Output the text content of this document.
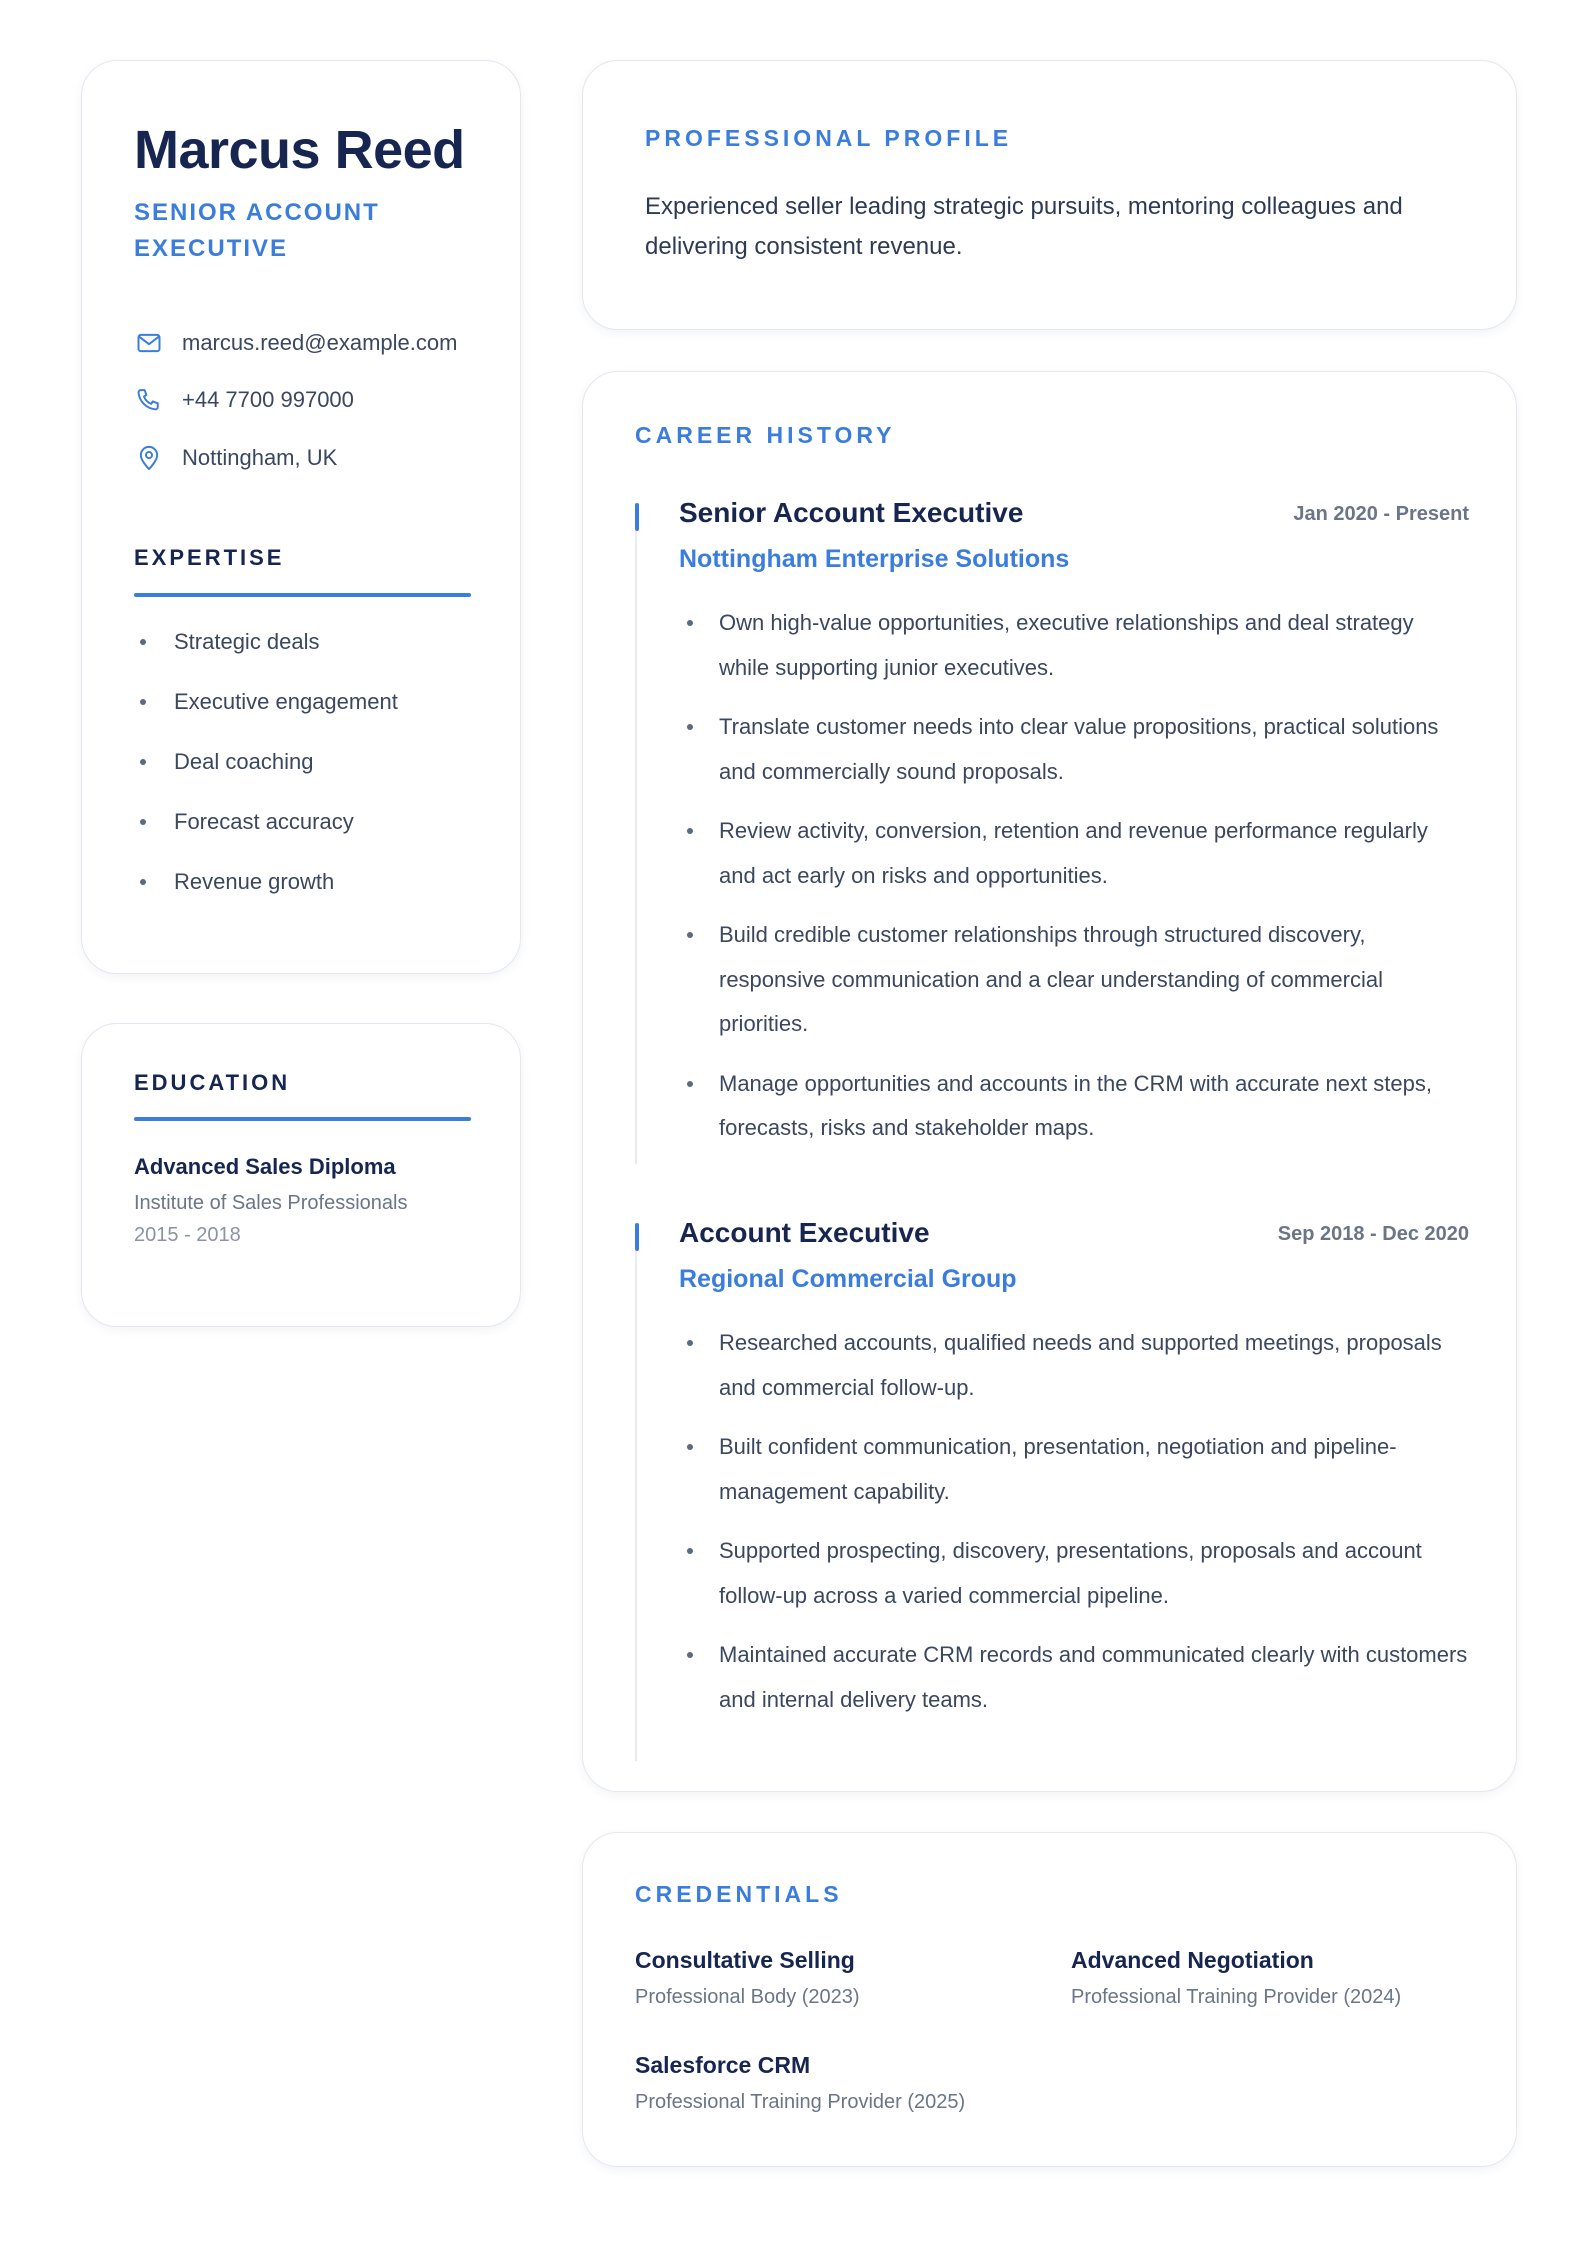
Marcus Reed
SENIOR ACCOUNT EXECUTIVE
marcus.reed@example.com
+44 7700 997000
Nottingham, UK
EXPERTISE
Strategic deals
Executive engagement
Deal coaching
Forecast accuracy
Revenue growth
EDUCATION
Advanced Sales Diploma
Institute of Sales Professionals
2015 - 2018
PROFESSIONAL PROFILE
Experienced seller leading strategic pursuits, mentoring colleagues and delivering consistent revenue.
CAREER HISTORY
Senior Account Executive	Jan 2020 - Present
Nottingham Enterprise Solutions
Own high-value opportunities, executive relationships and deal strategy while supporting junior executives.
Translate customer needs into clear value propositions, practical solutions and commercially sound proposals.
Review activity, conversion, retention and revenue performance regularly and act early on risks and opportunities.
Build credible customer relationships through structured discovery, responsive communication and a clear understanding of commercial priorities.
Manage opportunities and accounts in the CRM with accurate next steps, forecasts, risks and stakeholder maps.
Account Executive	Sep 2018 - Dec 2020
Regional Commercial Group
Researched accounts, qualified needs and supported meetings, proposals and commercial follow-up.
Built confident communication, presentation, negotiation and pipeline-management capability.
Supported prospecting, discovery, presentations, proposals and account follow-up across a varied commercial pipeline.
Maintained accurate CRM records and communicated clearly with customers and internal delivery teams.
CREDENTIALS
Consultative Selling
Professional Body (2023)
Advanced Negotiation
Professional Training Provider (2024)
Salesforce CRM
Professional Training Provider (2025)
